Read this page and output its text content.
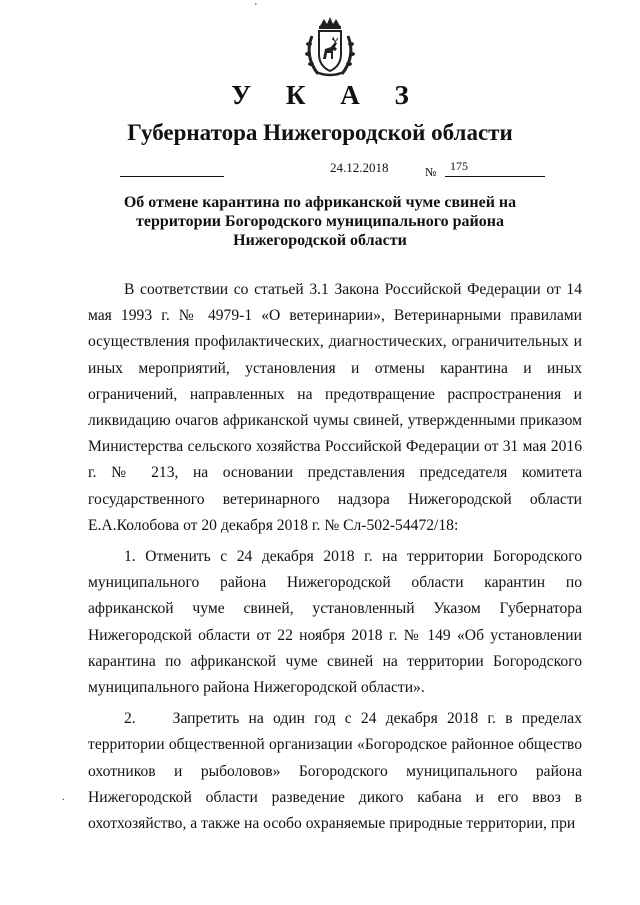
У К А З
Губернатора Нижегородской области
24.12.2018	№ 175
Об отмене карантина по африканской чуме свиней на
территории Богородского муниципального района
Нижегородской области

В соответствии со статьей 3.1 Закона Российской Федерации от 14 мая 1993 г. № 4979-1 «О ветеринарии», Ветеринарными правилами осуществления профилактических, диагностических, ограничительных и иных мероприятий, установления и отмены карантина и иных ограничений, направленных на предотвращение распространения и ликвидацию очагов африканской чумы свиней, утвержденными приказом Министерства сельского хозяйства Российской Федерации от 31 мая 2016 г. № 213, на основании представления председателя комитета государственного ветеринарного надзора Нижегородской области Е.А.Колобова от 20 декабря 2018 г. № Сл-502-54472/18:

1. Отменить с 24 декабря 2018 г. на территории Богородского муниципального района Нижегородской области карантин по африканской чуме свиней, установленный Указом Губернатора Нижегородской области от 22 ноября 2018 г. № 149 «Об установлении карантина по африканской чуме свиней на территории Богородского муниципального района Нижегородской области».

2.    Запретить на один год с 24 декабря 2018 г. в пределах территории общественной организации «Богородское районное общество охотников и рыболовов» Богородского муниципального района Нижегородской области разведение дикого кабана и его ввоз в охотхозяйство, а также на особо охраняемые природные территории, при

'
.
